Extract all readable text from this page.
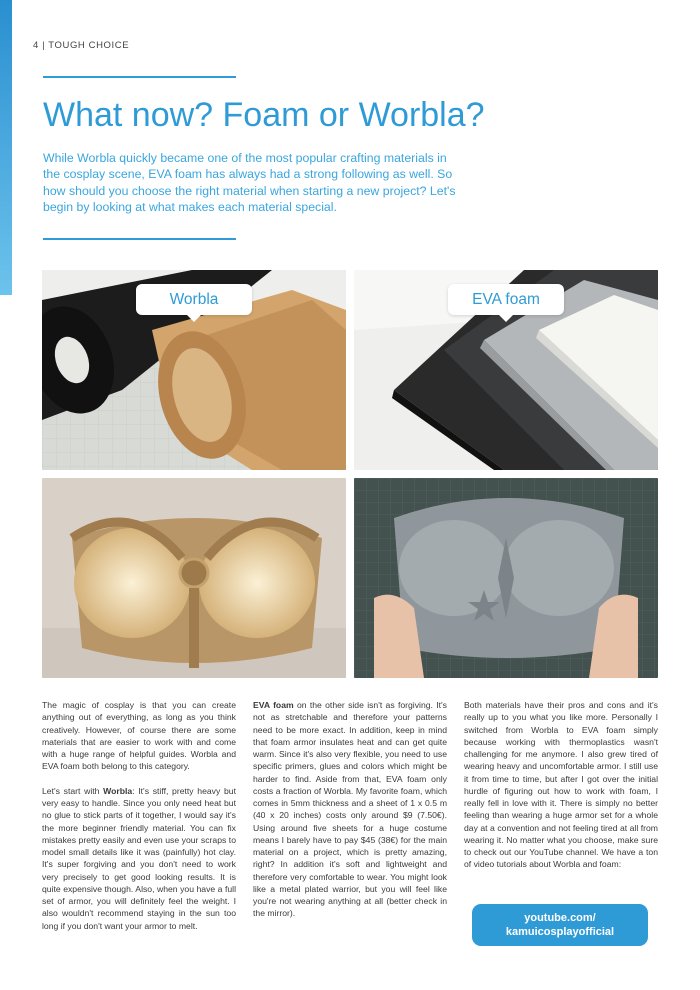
4 | TOUGH CHOICE
What now? Foam or Worbla?

While Worbla quickly became one of the most popular crafting materials in the cosplay scene, EVA foam has always had a strong following as well. So how should you choose the right material when starting a new project? Let's begin by looking at what makes each material special.

Worbla	EVA foam

The magic of cosplay is that you can create anything out of everything, as long as you think creatively. However, of course there are some materials that are easier to work with and come with a huge range of helpful guides. Worbla and EVA foam both belong to this category.

Let's start with Worbla: It's stiff, pretty heavy but very easy to handle. Since you only need heat but no glue to stick parts of it together, I would say it's the more beginner friendly material. You can fix mistakes pretty easily and even use your scraps to model small details like it was (painfully) hot clay. It's super forgiving and you don't need to work very precisely to get good looking results. It is quite expensive though. Also, when you have a full set of armor, you will definitely feel the weight. I also wouldn't recommend staying in the sun too long if you don't want your armor to melt.

EVA foam on the other side isn't as forgiving. It's not as stretchable and therefore your patterns need to be more exact. In addition, keep in mind that foam armor insulates heat and can get quite warm. Since it's also very flexible, you need to use specific primers, glues and colors which might be harder to find. Aside from that, EVA foam only costs a fraction of Worbla. My favorite foam, which comes in 5mm thickness and a sheet of 1 x 0.5 m (40 x 20 inches) costs only around $9 (7.50€). Using around five sheets for a huge costume means I barely have to pay $45 (38€) for the main material on a project, which is pretty amazing, right? In addition it's soft and lightweight and therefore very comfortable to wear. You might look like a metal plated warrior, but you will feel like you're not wearing anything at all (better check in the mirror).

Both materials have their pros and cons and it's really up to you what you like more. Personally I switched from Worbla to EVA foam simply because working with thermoplastics wasn't challenging for me anymore. I also grew tired of wearing heavy and uncomfortable armor. I still use it from time to time, but after I got over the initial hurdle of figuring out how to work with foam, I really fell in love with it. There is simply no better feeling than wearing a huge armor set for a whole day at a convention and not feeling tired at all from wearing it. No matter what you choose, make sure to check out our YouTube channel. We have a ton of video tutorials about Worbla and foam:

youtube.com/
kamuicosplayofficial
